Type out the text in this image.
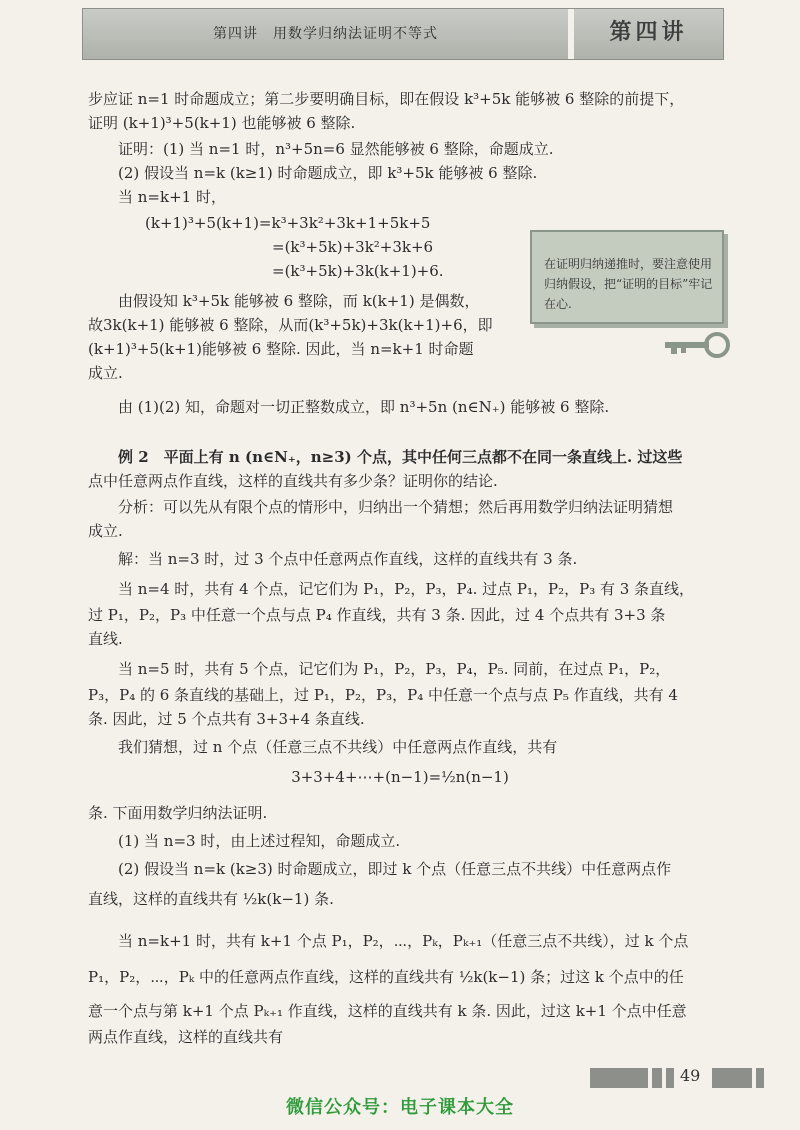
第四讲　用数学归纳法证明不等式	第四讲
步应证 n=1 时命题成立；第二步要明确目标，即在假设 k³+5k 能够被 6 整除的前提下，
证明 (k+1)³+5(k+1) 也能够被 6 整除.
证明：(1) 当 n=1 时，n³+5n=6 显然能够被 6 整除，命题成立.
(2) 假设当 n=k (k≥1) 时命题成立，即 k³+5k 能够被 6 整除.
当 n=k+1 时，
(k+1)³+5(k+1)=k³+3k²+3k+1+5k+5
=(k³+5k)+3k²+3k+6
=(k³+5k)+3k(k+1)+6.	在证明归纳递推时，要注意使用归纳假设，把“证明的目标”牢记在心.
由假设知 k³+5k 能够被 6 整除，而 k(k+1) 是偶数，
故3k(k+1) 能够被 6 整除，从而(k³+5k)+3k(k+1)+6，即
(k+1)³+5(k+1)能够被 6 整除. 因此，当 n=k+1 时命题
成立.
由 (1)(2) 知，命题对一切正整数成立，即 n³+5n (n∈N₊) 能够被 6 整除.
例 2　平面上有 n (n∈N₊，n≥3) 个点，其中任何三点都不在同一条直线上. 过这些
点中任意两点作直线，这样的直线共有多少条？证明你的结论.
分析：可以先从有限个点的情形中，归纳出一个猜想；然后再用数学归纳法证明猜想
成立.
解：当 n=3 时，过 3 个点中任意两点作直线，这样的直线共有 3 条.
当 n=4 时，共有 4 个点，记它们为 P₁，P₂，P₃，P₄. 过点 P₁，P₂，P₃ 有 3 条直线，
过 P₁，P₂，P₃ 中任意一个点与点 P₄ 作直线，共有 3 条. 因此，过 4 个点共有 3+3 条
直线.
当 n=5 时，共有 5 个点，记它们为 P₁，P₂，P₃，P₄，P₅. 同前，在过点 P₁，P₂，
P₃，P₄ 的 6 条直线的基础上，过 P₁，P₂，P₃，P₄ 中任意一个点与点 P₅ 作直线，共有 4
条. 因此，过 5 个点共有 3+3+4 条直线.
我们猜想，过 n 个点（任意三点不共线）中任意两点作直线，共有
3+3+4+⋯+(n−1)=½n(n−1)
条. 下面用数学归纳法证明.
(1) 当 n=3 时，由上述过程知，命题成立.
(2) 假设当 n=k (k≥3) 时命题成立，即过 k 个点（任意三点不共线）中任意两点作
直线，这样的直线共有 ½k(k−1) 条.
当 n=k+1 时，共有 k+1 个点 P₁，P₂，⋯，Pₖ，Pₖ₊₁（任意三点不共线），过 k 个点
P₁，P₂，⋯，Pₖ 中的任意两点作直线，这样的直线共有 ½k(k−1) 条；过这 k 个点中的任
意一个点与第 k+1 个点 Pₖ₊₁ 作直线，这样的直线共有 k 条. 因此，过这 k+1 个点中任意
两点作直线，这样的直线共有
49
微信公众号：电子课本大全
